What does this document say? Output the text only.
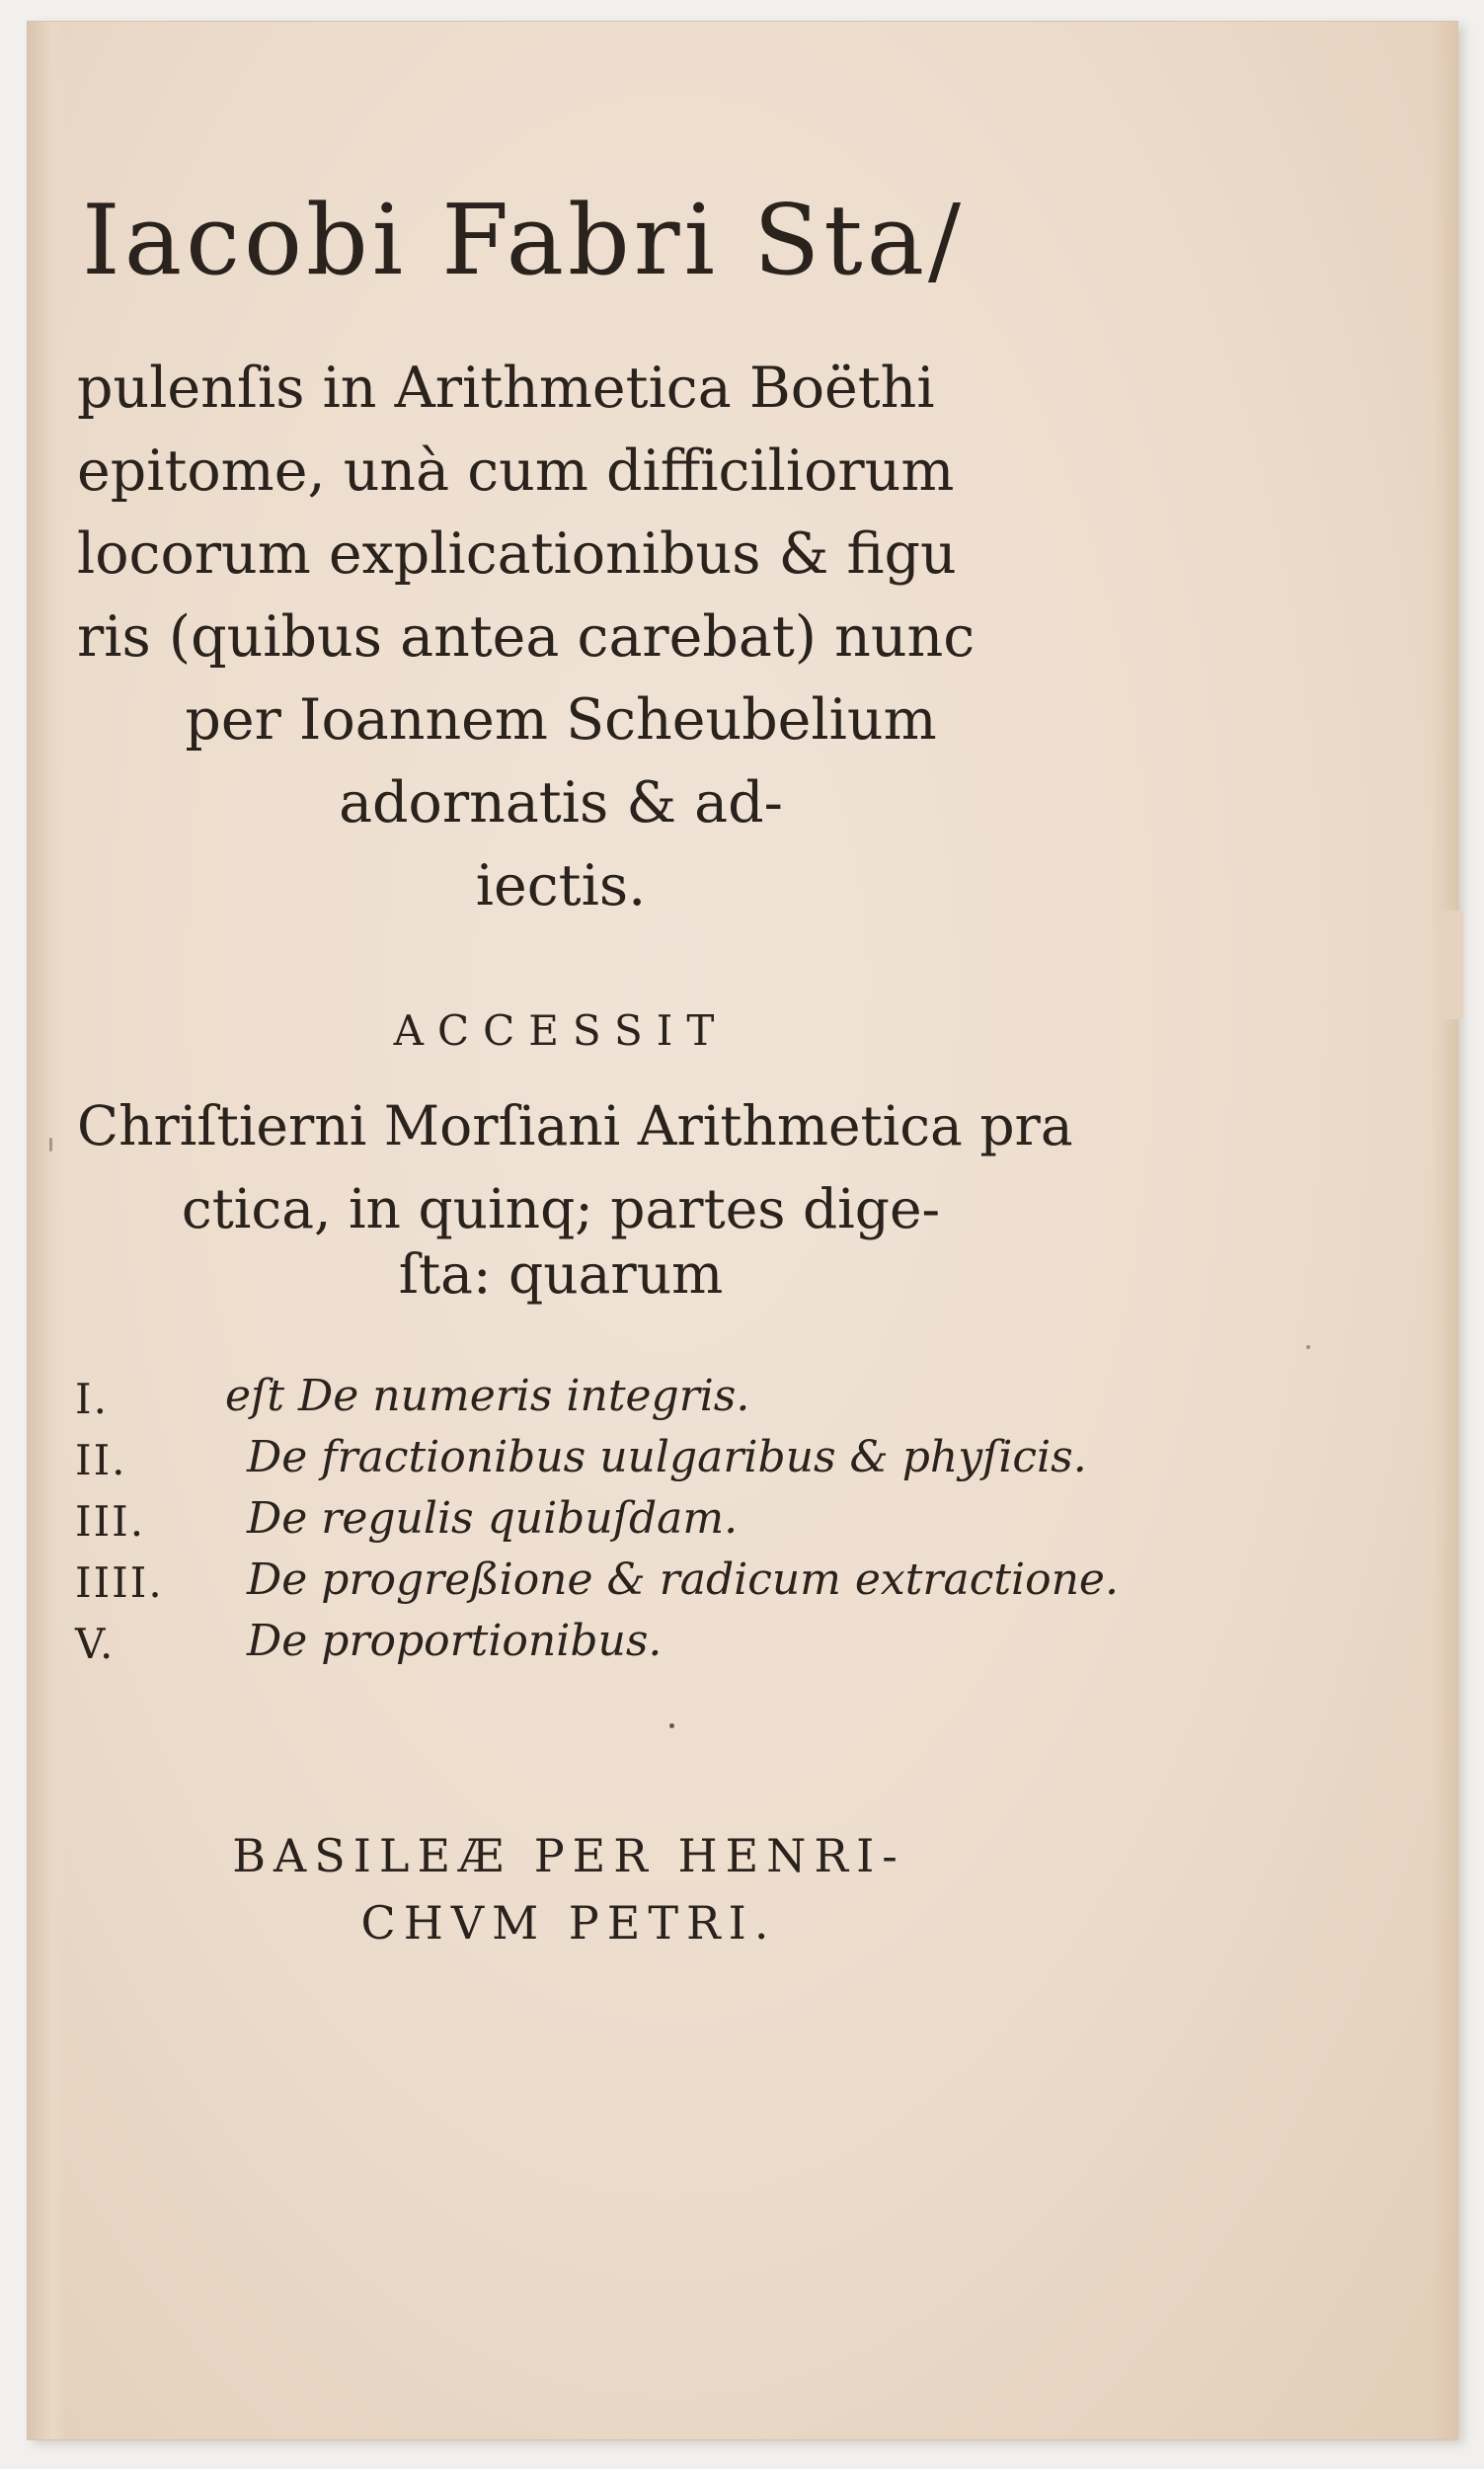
Iacobi Fabri Sta/
pulenſis in Arithmetica Boëthi
epitome, unà cum difficiliorum
locorum explicationibus & figu
ris (quibus antea carebat) nunc
per Ioannem Scheubelium
adornatis & ad-
iectis.
ACCESSIT
Chriſtierni Morſiani Arithmetica pra
ctica, in quinq; partes dige-
ſta: quarum
I.	eſt De numeris integris.
II.	De fractionibus uulgaribus & phyſicis.
III. De regulis quibuſdam.
IIII. De progreßione & radicum extractione.
V.	De proportionibus.
BASILEÆ PER HENRI-
CHVM PETRI.
